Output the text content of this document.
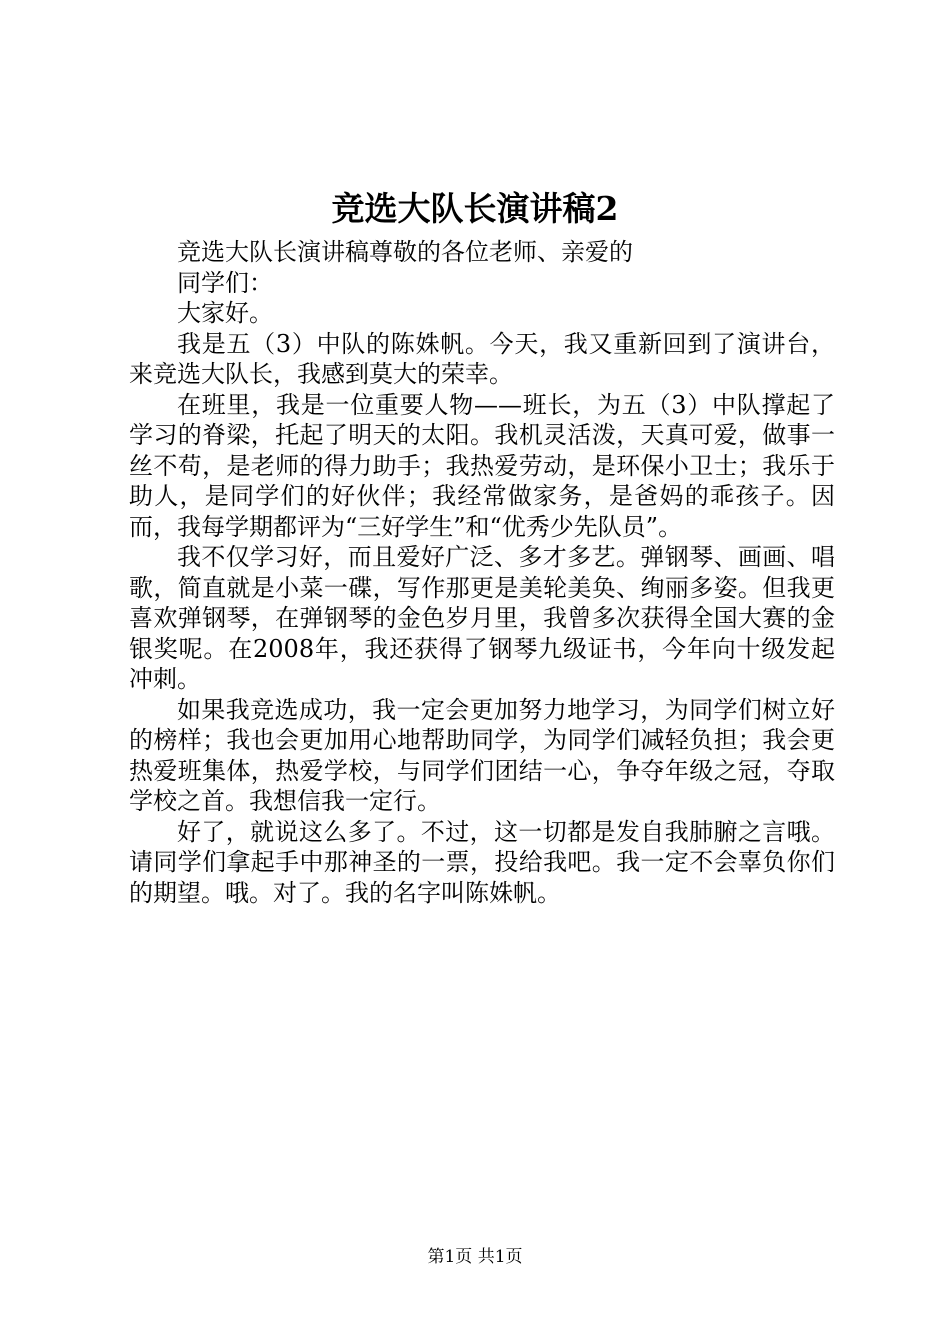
竞选大队长演讲稿2

竞选大队长演讲稿尊敬的各位老师、亲爱的

同学们：

大家好。

我是五（3）中队的陈姝帆。今天，我又重新回到了演讲台，来竞选大队长，我感到莫大的荣幸。

在班里，我是一位重要人物——班长，为五（3）中队撑起了学习的脊梁，托起了明天的太阳。我机灵活泼，天真可爱，做事一丝不苟，是老师的得力助手；我热爱劳动，是环保小卫士；我乐于助人，是同学们的好伙伴；我经常做家务，是爸妈的乖孩子。因而，我每学期都评为“三好学生”和“优秀少先队员”。

我不仅学习好，而且爱好广泛、多才多艺。弹钢琴、画画、唱歌，简直就是小菜一碟，写作那更是美轮美奂、绚丽多姿。但我更喜欢弹钢琴，在弹钢琴的金色岁月里，我曾多次获得全国大赛的金银奖呢。在2008年，我还获得了钢琴九级证书，今年向十级发起冲刺。

如果我竞选成功，我一定会更加努力地学习，为同学们树立好的榜样；我也会更加用心地帮助同学，为同学们减轻负担；我会更热爱班集体，热爱学校，与同学们团结一心，争夺年级之冠，夺取学校之首。我想信我一定行。

好了，就说这么多了。不过，这一切都是发自我肺腑之言哦。请同学们拿起手中那神圣的一票，投给我吧。我一定不会辜负你们的期望。哦。对了。我的名字叫陈姝帆。

第1页 共1页
